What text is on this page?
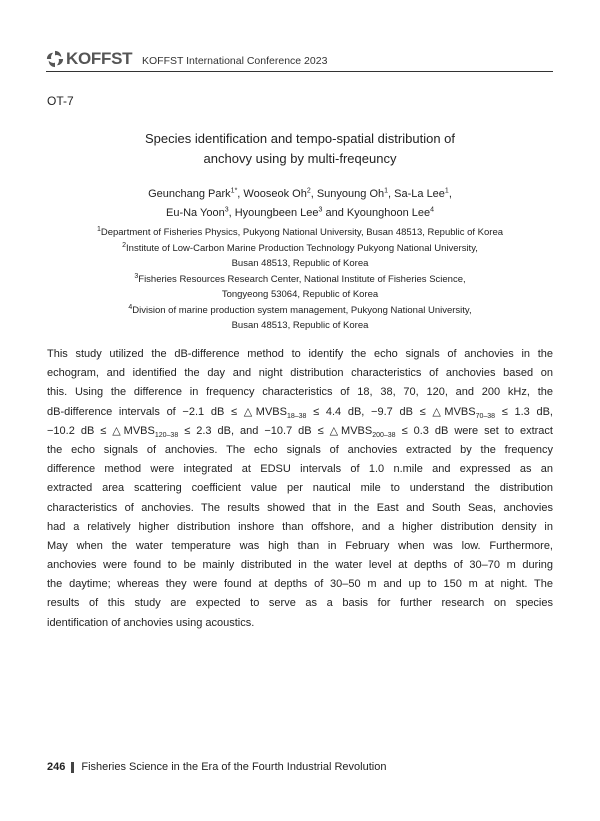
KOFFST KOFFST International Conference 2023
OT-7
Species identification and tempo-spatial distribution of
anchovy using by multi-freqeuncy
Geunchang Park$^{1*}$, Wooseok Oh$^2$, Sunyoung Oh$^1$, Sa-La Lee$^1$,
Eu-Na Yoon$^3$, Hyoungbeen Lee$^3$ and Kyounghoon Lee$^4$
$^1$Department of Fisheries Physics, Pukyong National University, Busan 48513, Republic of Korea
$^2$Institute of Low-Carbon Marine Production Technology Pukyong National University,
Busan 48513, Republic of Korea
$^3$Fisheries Resources Research Center, National Institute of Fisheries Science,
Tongyeong 53064, Republic of Korea
$^4$Division of marine production system management, Pukyong National University,
Busan 48513, Republic of Korea
This study utilized the dB-difference method to identify the echo signals of anchovies in the
echogram, and identified the day and night distribution characteristics of anchovies based on
this. Using the difference in frequency characteristics of 18, 38, 70, 120, and 200 kHz, the
dB-difference intervals of −2.1 dB ≤ $\triangle MVBS_{18-38} \le 4.4$ dB, −9.7 dB ≤ $\triangle MVBS_{70-38} \le 1.3$ dB,
−10.2 dB ≤ $\triangle MVBS_{120-38} \le 2.3$ dB, and −10.7 dB ≤ $\triangle MVBS_{200-38} \le 0.3$ dB were set to extract
the echo signals of anchovies. The echo signals of anchovies extracted by the frequency
difference method were integrated at EDSU intervals of 1.0 n.mile and expressed as an
extracted area scattering coefficient value per nautical mile to understand the distribution
characteristics of anchovies. The results showed that in the East and South Seas, anchovies
had a relatively higher distribution inshore than offshore, and a higher distribution density in
May when the water temperature was high than in February when was low. Furthermore,
anchovies were found to be mainly distributed in the water level at depths of 30–70 m during
the daytime; whereas they were found at depths of 30–50 m and up to 150 m at night. The
results of this study are expected to serve as a basis for further research on species
identification of anchovies using acoustics.
246 Fisheries Science in the Era of the Fourth Industrial Revolution
